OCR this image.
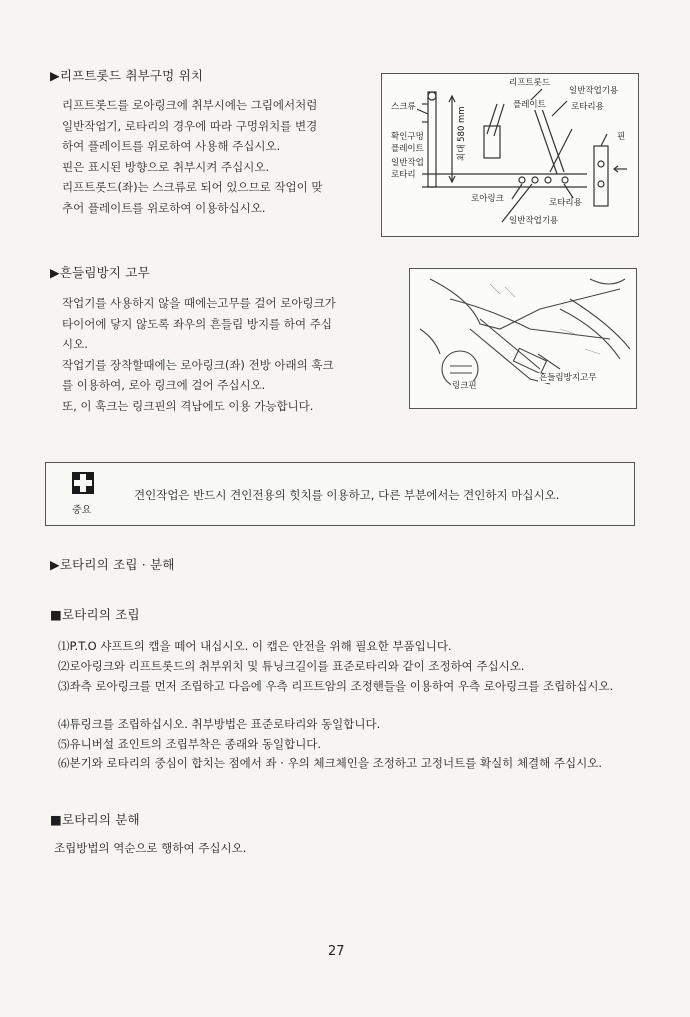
▶리프트롯드 취부구멍 위치
리프트롯드를 로아링크에 취부시에는 그림에서처럼
일반작업기, 로타리의 경우에 따라 구멍위치를 변경
하여 플레이트를 위로하여 사용해 주십시오.
핀은 표시된 방향으로 취부시켜 주십시오.
리프트롯드(좌)는 스크류로 되어 있으므로 작업이 맞
추어 플레이트를 위로하여 이용하십시오.
리프트롯드
일반작업기용
스크류	플레이트	로타리용
확인구멍
플레이트
일반작업
로타리
최대 580 mm	핀
로아링크	로타리용
일반작업기용
▶흔들림방지 고무
작업기를 사용하지 않을 때에는고무를 걸어 로아링크가
타이어에 닿지 않도록 좌우의 흔들림 방지를 하여 주십
시오.
작업기를 장착할때에는 로아링크(좌) 전방 아래의 훅크
를 이용하여, 로아 링크에 걸어 주십시오.
또, 이 훅크는 링크핀의 격납에도 이용 가능합니다.
링크핀
흔들림방지고무
중요
견인작업은 반드시 견인전용의 힛치를 이용하고, 다른 부분에서는 견인하지 마십시오.
▶로타리의 조립 · 분해
■로타리의 조립
⑴P.T.O 샤프트의 캡을 떼어 내십시오. 이 캡은 안전을 위해 필요한 부품입니다.
⑵로아링크와 리프트롯드의 취부위치 및 튜닝크길이를 표준로타리와 같이 조정하여 주십시오.
⑶좌측 로아링크를 먼저 조립하고 다음에 우측 리프트암의 조정핸들을 이용하여 우측 로아링크를 조립하십시오.
⑷튜링크를 조립하십시오. 취부방법은 표준로타리와 동일합니다.
⑸유니버설 죠인트의 조립부착은 종래와 동일합니다.
⑹본기와 로타리의 중심이 합치는 점에서 좌 · 우의 체크체인을 조정하고 고정너트를 확실히 체결해 주십시오.
■로타리의 분해
조립방법의 역순으로 행하여 주십시오.
27
